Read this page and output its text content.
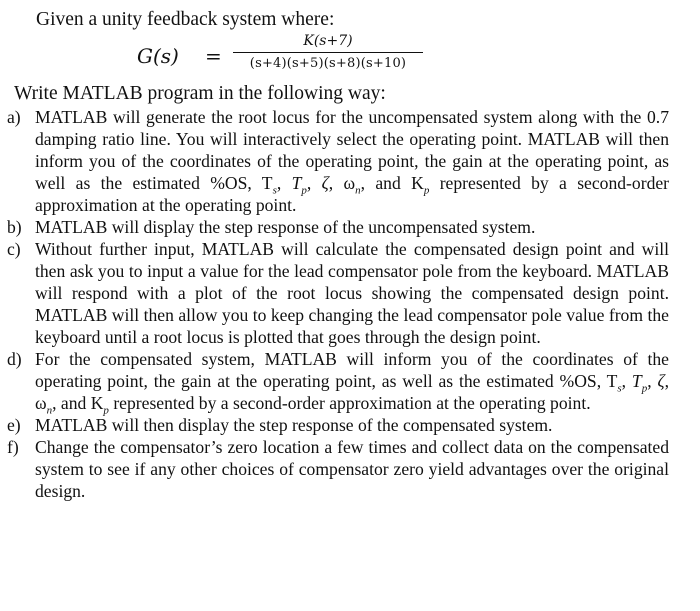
Given a unity feedback system where:

G(s) =
K(s+7)
(s+4)(s+5)(s+8)(s+10)

Write MATLAB program in the following way:

a) MATLAB will generate the root locus for the uncompensated system along with the 0.7 damping ratio line. You will interactively select the operating point. MATLAB will then inform you of the coordinates of the operating point, the gain at the operating point, as well as the estimated %OS, $T_s$, $T_p$, ζ, $\omega_n$, and $K_p$ represented by a second-order approximation at the operating point.
b) MATLAB will display the step response of the uncompensated system.
c) Without further input, MATLAB will calculate the compensated design point and will then ask you to input a value for the lead compensator pole from the keyboard. MATLAB will respond with a plot of the root locus showing the compensated design point. MATLAB will then allow you to keep changing the lead compensator pole value from the keyboard until a root locus is plotted that goes through the design point.
d) For the compensated system, MATLAB will inform you of the coordinates of the operating point, the gain at the operating point, as well as the estimated %OS, $T_s$, $T_p$, ζ, $\omega_n$, and $K_p$ represented by a second-order approximation at the operating point.
e) MATLAB will then display the step response of the compensated system.
f) Change the compensator’s zero location a few times and collect data on the compensated system to see if any other choices of compensator zero yield advantages over the original design.
